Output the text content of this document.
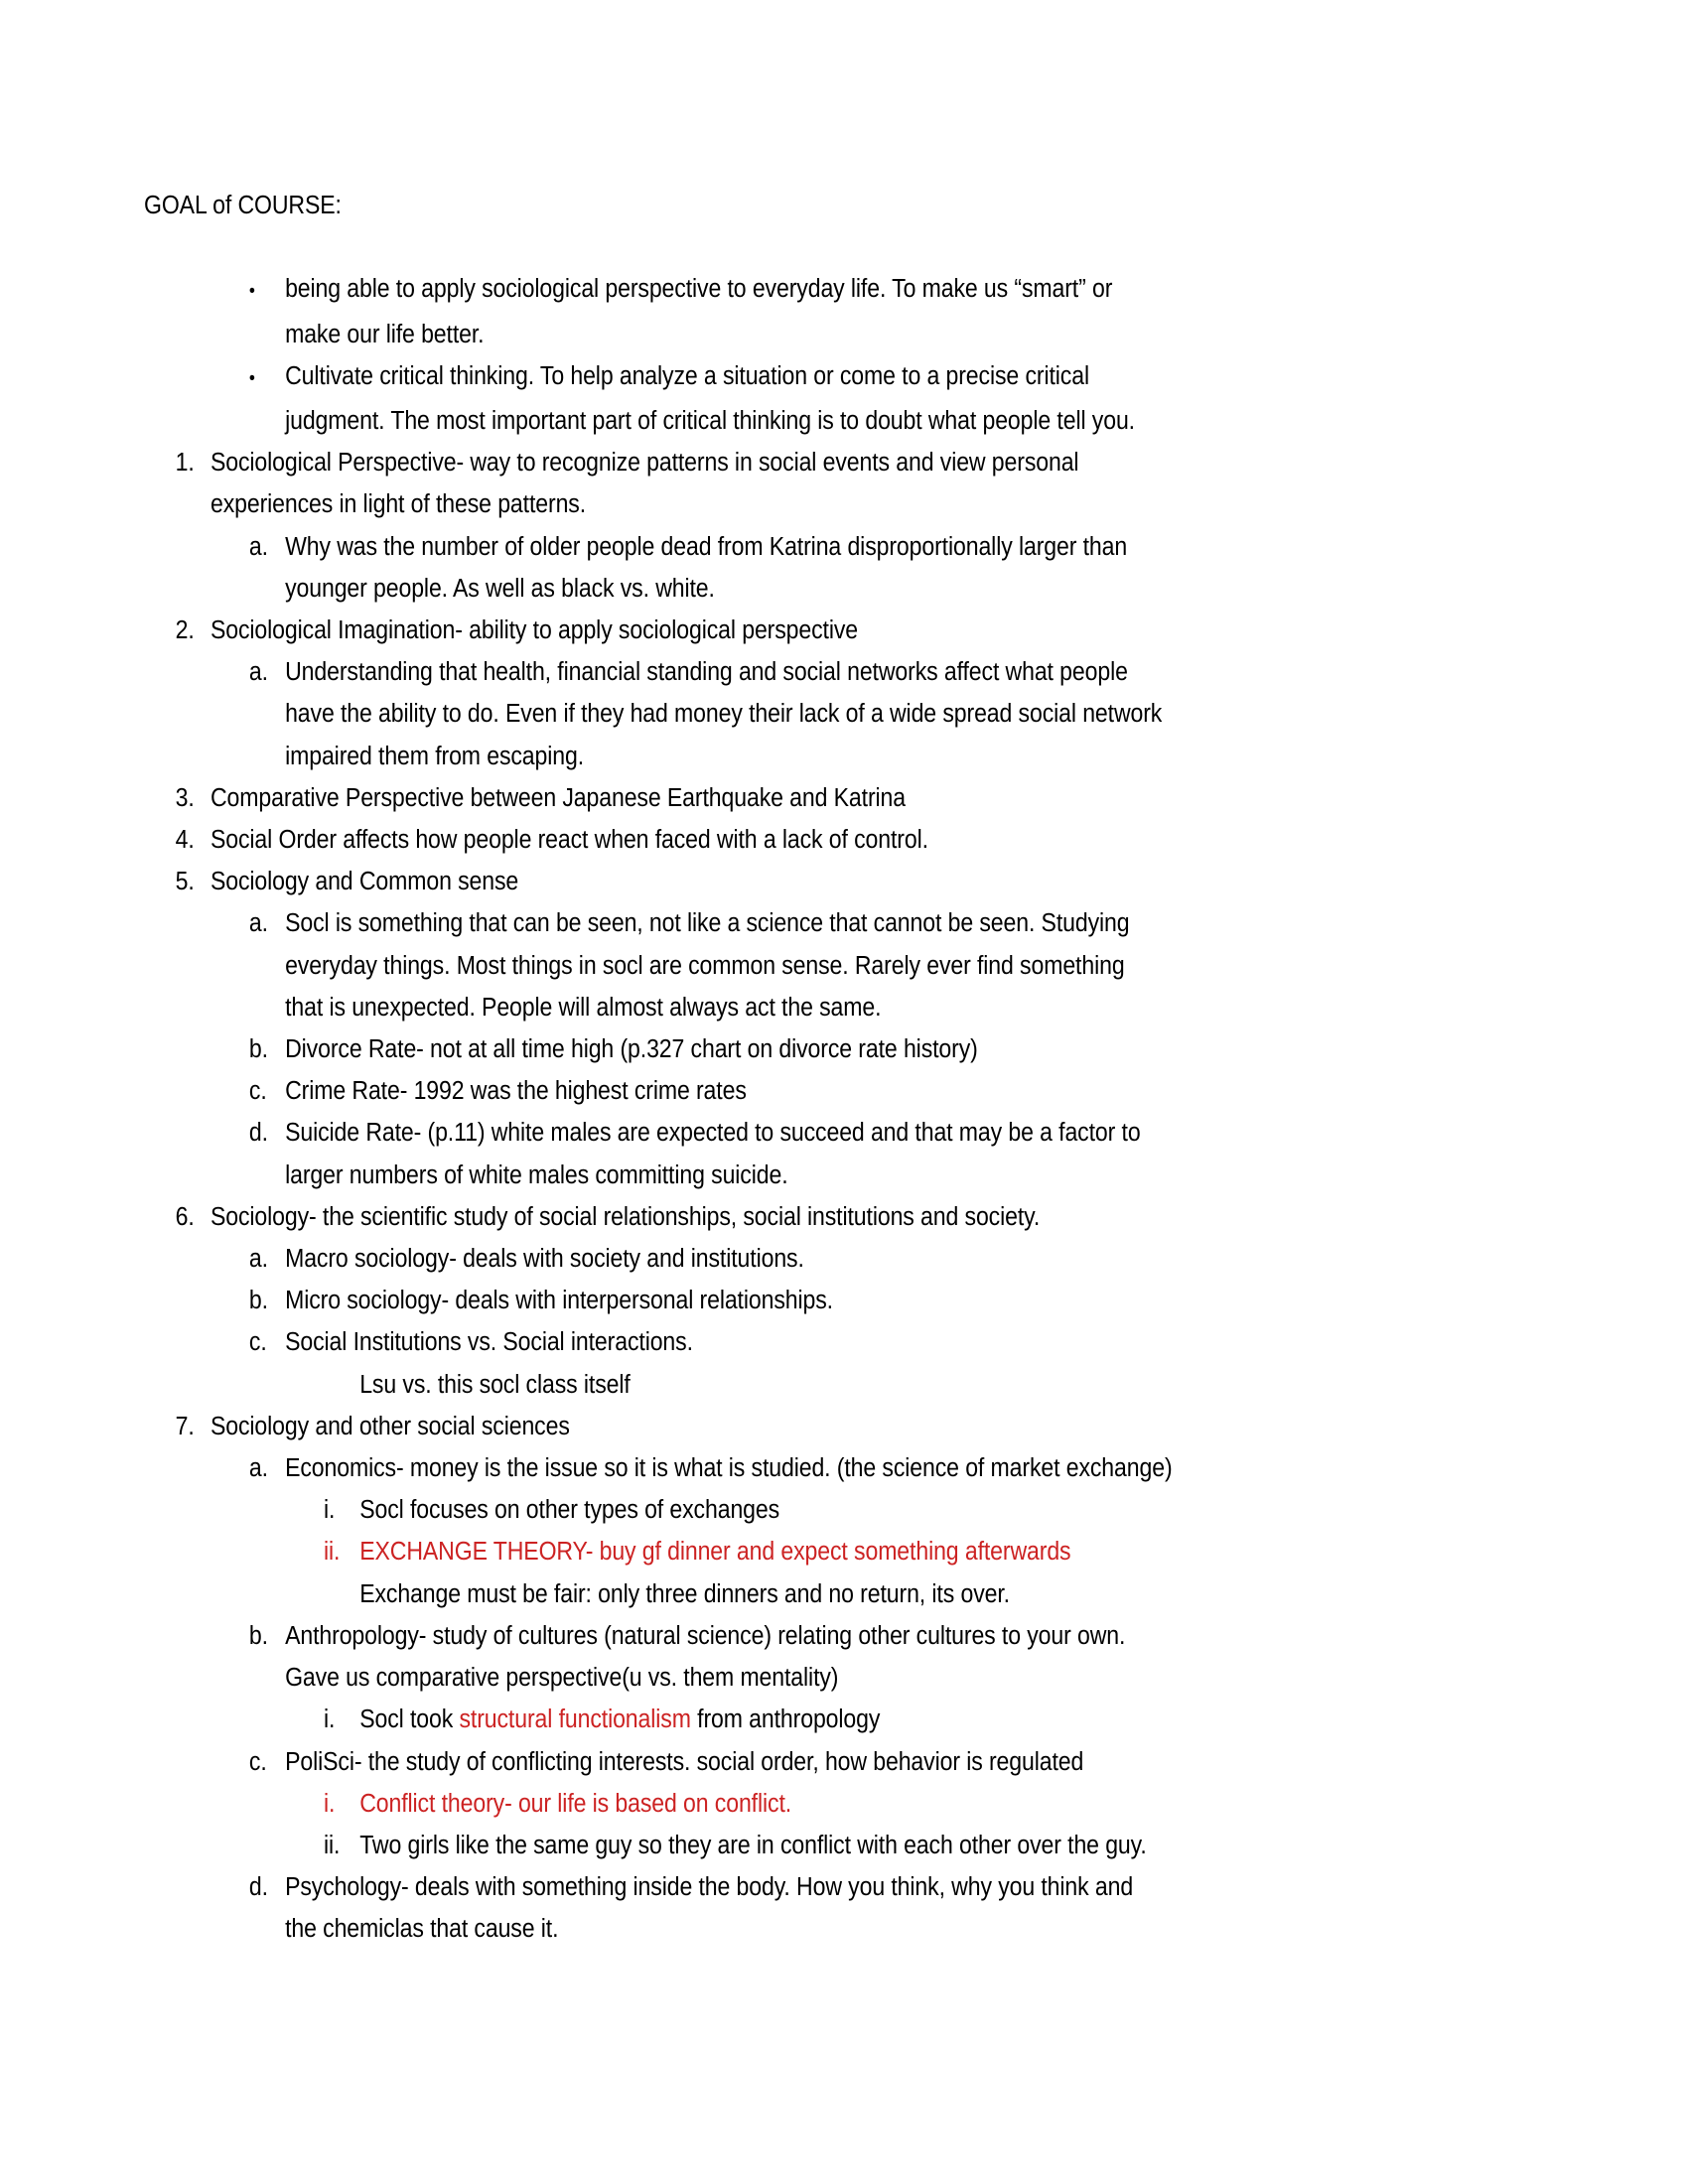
GOAL of COURSE:
•	being able to apply sociological perspective to everyday life. To make us “smart” or
make our life better.
•	Cultivate critical thinking. To help analyze a situation or come to a precise critical
judgment. The most important part of critical thinking is to doubt what people tell you.
1. Sociological Perspective- way to recognize patterns in social events and view personal
experiences in light of these patterns.
a. Why was the number of older people dead from Katrina disproportionally larger than
younger people. As well as black vs. white.
2. Sociological Imagination- ability to apply sociological perspective
a. Understanding that health, financial standing and social networks affect what people
have the ability to do. Even if they had money their lack of a wide spread social network
impaired them from escaping.
3. Comparative Perspective between Japanese Earthquake and Katrina
4. Social Order affects how people react when faced with a lack of control.
5. Sociology and Common sense
a. Socl is something that can be seen, not like a science that cannot be seen. Studying
everyday things. Most things in socl are common sense. Rarely ever find something
that is unexpected. People will almost always act the same.
b. Divorce Rate- not at all time high (p.327 chart on divorce rate history)
c. Crime Rate- 1992 was the highest crime rates
d. Suicide Rate- (p.11) white males are expected to succeed and that may be a factor to
larger numbers of white males committing suicide.
6. Sociology- the scientific study of social relationships, social institutions and society.
a. Macro sociology- deals with society and institutions.
b. Micro sociology- deals with interpersonal relationships.
c. Social Institutions vs. Social interactions.
Lsu vs. this socl class itself
7. Sociology and other social sciences
a. Economics- money is the issue so it is what is studied. (the science of market exchange)
i. Socl focuses on other types of exchanges
ii. EXCHANGE THEORY- buy gf dinner and expect something afterwards
Exchange must be fair: only three dinners and no return, its over.
b. Anthropology- study of cultures (natural science) relating other cultures to your own.
Gave us comparative perspective(u vs. them mentality)
i. Socl took structural functionalism from anthropology
c. PoliSci- the study of conflicting interests. social order, how behavior is regulated
i. Conflict theory- our life is based on conflict.
ii. Two girls like the same guy so they are in conflict with each other over the guy.
d. Psychology- deals with something inside the body. How you think, why you think and
the chemiclas that cause it.
